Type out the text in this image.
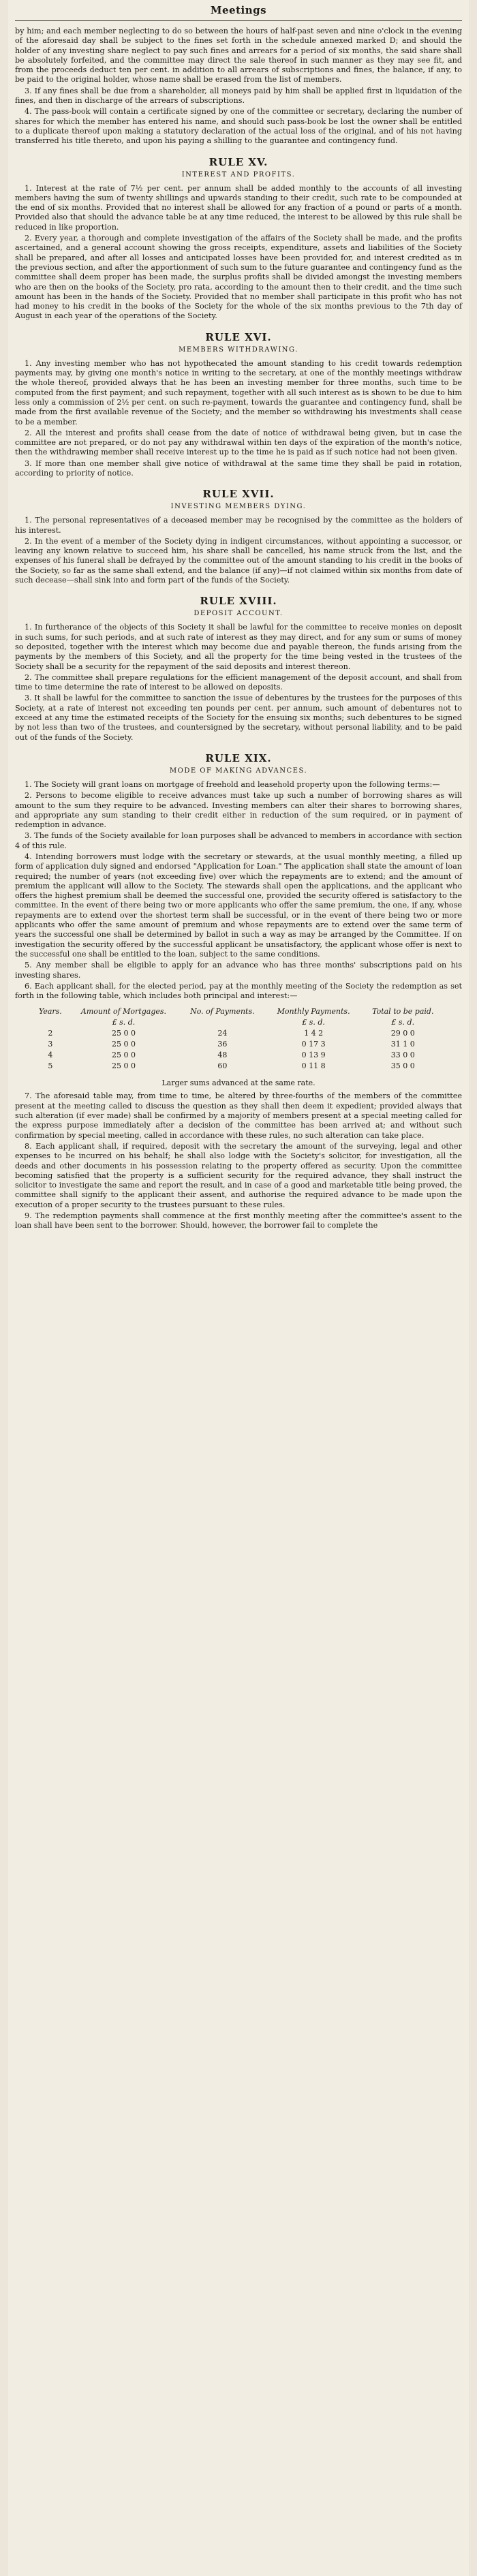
Meetings

by him; and each member neglecting to do so between the hours of half-past seven and nine o'clock in the evening of the aforesaid day shall be subject to the fines set forth in the schedule annexed marked D; and should the holder of any investing share neglect to pay such fines and arrears for a period of six months, the said share shall be absolutely forfeited, and the committee may direct the sale thereof in such manner as they may see fit, and from the proceeds deduct ten per cent. in addition to all arrears of subscriptions and fines, the balance, if any, to be paid to the original holder, whose name shall be erased from the list of members.

3. If any fines shall be due from a shareholder, all moneys paid by him shall be applied first in liquidation of the fines, and then in discharge of the arrears of subscriptions.

4. The pass-book will contain a certificate signed by one of the committee or secretary, declaring the number of shares for which the member has entered his name, and should such pass-book be lost the owner shall be entitled to a duplicate thereof upon making a statutory declaration of the actual loss of the original, and of his not having transferred his title thereto, and upon his paying a shilling to the guarantee and contingency fund.

RULE XV.
INTEREST AND PROFITS.

1. Interest at the rate of 7½ per cent. per annum shall be added monthly to the accounts of all investing members having the sum of twenty shillings and upwards standing to their credit, such rate to be compounded at the end of six months. Provided that no interest shall be allowed for any fraction of a pound or parts of a month. Provided also that should the advance table be at any time reduced, the interest to be allowed by this rule shall be reduced in like proportion.

2. Every year, a thorough and complete investigation of the affairs of the Society shall be made, and the profits ascertained, and a general account showing the gross receipts, expenditure, assets and liabilities of the Society shall be prepared, and after all losses and anticipated losses have been provided for, and interest credited as in the previous section, and after the apportionment of such sum to the future guarantee and contingency fund as the committee shall deem proper has been made, the surplus profits shall be divided amongst the investing members who are then on the books of the Society, pro rata, according to the amount then to their credit, and the time such amount has been in the hands of the Society. Provided that no member shall participate in this profit who has not had money to his credit in the books of the Society for the whole of the six months previous to the 7th day of August in each year of the operations of the Society.

RULE XVI.
MEMBERS WITHDRAWING.

1. Any investing member who has not hypothecated the amount standing to his credit towards redemption payments may, by giving one month's notice in writing to the secretary, at one of the monthly meetings withdraw the whole thereof, provided always that he has been an investing member for three months, such time to be computed from the first payment; and such repayment, together with all such interest as is shown to be due to him less only a commission of 2½ per cent. on such re-payment, towards the guarantee and contingency fund, shall be made from the first available revenue of the Society; and the member so withdrawing his investments shall cease to be a member.

2. All the interest and profits shall cease from the date of notice of withdrawal being given, but in case the committee are not prepared, or do not pay any withdrawal within ten days of the expiration of the month's notice, then the withdrawing member shall receive interest up to the time he is paid as if such notice had not been given.

3. If more than one member shall give notice of withdrawal at the same time they shall be paid in rotation, according to priority of notice.

RULE XVII.
INVESTING MEMBERS DYING.

1. The personal representatives of a deceased member may be recognised by the committee as the holders of his interest.

2. In the event of a member of the Society dying in indigent circumstances, without appointing a successor, or leaving any known relative to succeed him, his share shall be cancelled, his name struck from the list, and the expenses of his funeral shall be defrayed by the committee out of the amount standing to his credit in the books of the Society, so far as the same shall extend, and the balance (if any)—if not claimed within six months from date of such decease—shall sink into and form part of the funds of the Society.

RULE XVIII.
DEPOSIT ACCOUNT.

1. In furtherance of the objects of this Society it shall be lawful for the committee to receive monies on deposit in such sums, for such periods, and at such rate of interest as they may direct, and for any sum or sums of money so deposited, together with the interest which may become due and payable thereon, the funds arising from the payments by the members of this Society, and all the property for the time being vested in the trustees of the Society shall be a security for the repayment of the said deposits and interest thereon.

2. The committee shall prepare regulations for the efficient management of the deposit account, and shall from time to time determine the rate of interest to be allowed on deposits.

3. It shall be lawful for the committee to sanction the issue of debentures by the trustees for the purposes of this Society, at a rate of interest not exceeding ten pounds per cent. per annum, such amount of debentures not to exceed at any time the estimated receipts of the Society for the ensuing six months; such debentures to be signed by not less than two of the trustees, and countersigned by the secretary, without personal liability, and to be paid out of the funds of the Society.

RULE XIX.
MODE OF MAKING ADVANCES.

1. The Society will grant loans on mortgage of freehold and leasehold property upon the following terms:—

2. Persons to become eligible to receive advances must take up such a number of borrowing shares as will amount to the sum they require to be advanced. Investing members can alter their shares to borrowing shares, and appropriate any sum standing to their credit either in reduction of the sum required, or in payment of redemption in advance.

3. The funds of the Society available for loan purposes shall be advanced to members in accordance with section 4 of this rule.

4. Intending borrowers must lodge with the secretary or stewards, at the usual monthly meeting, a filled up form of application duly signed and endorsed "Application for Loan." The application shall state the amount of loan required; the number of years (not exceeding five) over which the repayments are to extend; and the amount of premium the applicant will allow to the Society. The stewards shall open the applications, and the applicant who offers the highest premium shall be deemed the successful one, provided the security offered is satisfactory to the committee. In the event of there being two or more applicants who offer the same premium, the one, if any, whose repayments are to extend over the shortest term shall be successful, or in the event of there being two or more applicants who offer the same amount of premium and whose repayments are to extend over the same term of years the successful one shall be determined by ballot in such a way as may be arranged by the Committee. If on investigation the security offered by the successful applicant be unsatisfactory, the applicant whose offer is next to the successful one shall be entitled to the loan, subject to the same conditions.

5. Any member shall be eligible to apply for an advance who has three months' subscriptions paid on his investing shares.

6. Each applicant shall, for the elected period, pay at the monthly meeting of the Society the redemption as set forth in the following table, which includes both principal and interest:—

Years.	Amount of Mortgages.	No. of Payments.	Monthly Payments.	Total to be paid.
	£ s. d.		£ s. d.	£ s. d.
2	25 0 0	24	1 4 2	29 0 0
3	25 0 0	36	0 17 3	31 1 0
4	25 0 0	48	0 13 9	33 0 0
5	25 0 0	60	0 11 8	35 0 0
Larger sums advanced at the same rate.

7. The aforesaid table may, from time to time, be altered by three-fourths of the members of the committee present at the meeting called to discuss the question as they shall then deem it expedient; provided always that such alteration (if ever made) shall be confirmed by a majority of members present at a special meeting called for the express purpose immediately after a decision of the committee has been arrived at; and without such confirmation by special meeting, called in accordance with these rules, no such alteration can take place.

8. Each applicant shall, if required, deposit with the secretary the amount of the surveying, legal and other expenses to be incurred on his behalf; he shall also lodge with the Society's solicitor, for investigation, all the deeds and other documents in his possession relating to the property offered as security. Upon the committee becoming satisfied that the property is a sufficient security for the required advance, they shall instruct the solicitor to investigate the same and report the result, and in case of a good and marketable title being proved, the committee shall signify to the applicant their assent, and authorise the required advance to be made upon the execution of a proper security to the trustees pursuant to these rules.

9. The redemption payments shall commence at the first monthly meeting after the committee's assent to the loan shall have been sent to the borrower. Should, however, the borrower fail to complete the
